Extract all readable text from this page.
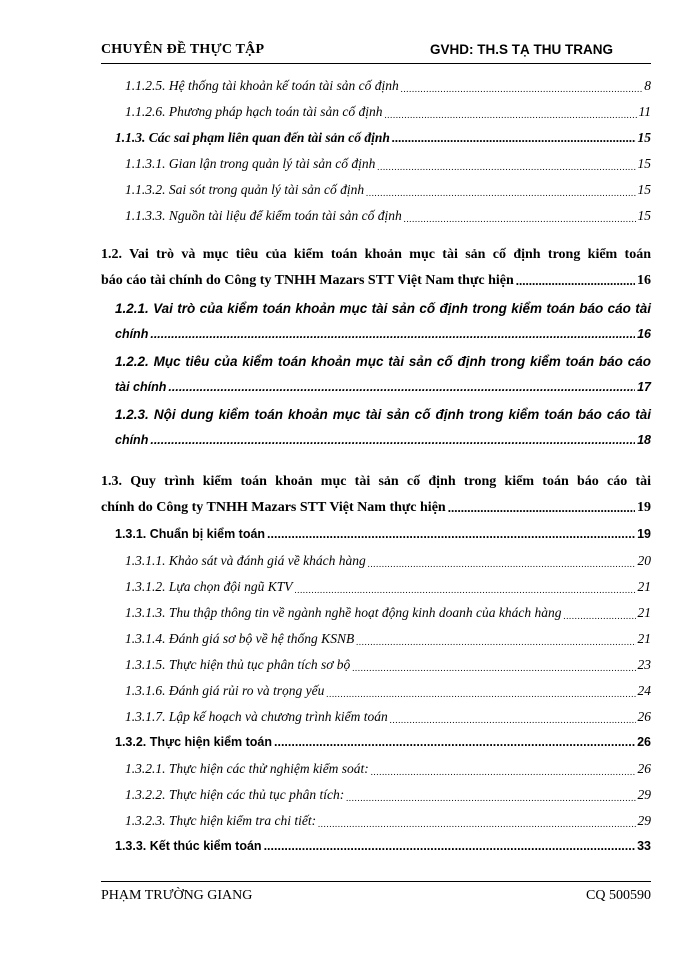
CHUYÊN ĐỀ THỰC TẬP	GVHD: TH.S TẠ THU TRANG
1.1.2.5. Hệ thống tài khoản kế toán tài sản cố định .....	8
1.1.2.6. Phương pháp hạch toán tài sản cố định .....	11
1.1.3. Các sai phạm liên quan đến tài sản cố định .....	15
1.1.3.1. Gian lận trong quản lý tài sản cố định .....	15
1.1.3.2. Sai sót trong quản lý tài sản cố định .....	15
1.1.3.3. Nguồn tài liệu để kiểm toán tài sản cố định .....	15
1.2. Vai trò và mục tiêu của kiểm toán khoản mục tài sản cố định trong kiểm toán
báo cáo tài chính do Công ty TNHH Mazars STT Việt Nam thực hiện .....	16
1.2.1. Vai trò của kiểm toán khoản mục tài sản cố định trong kiểm toán báo cáo tài
chính .....	16
1.2.2. Mục tiêu của kiểm toán khoản mục tài sản cố định trong kiểm toán báo cáo
tài chính .....	17
1.2.3. Nội dung kiểm toán khoản mục tài sản cố định trong kiểm toán báo cáo tài
chính .....	18
1.3. Quy trình kiểm toán khoản mục tài sản cố định trong kiểm toán báo cáo tài
chính do Công ty TNHH Mazars STT Việt Nam thực hiện .....	19
1.3.1. Chuẩn bị kiểm toán .....	19
1.3.1.1. Khảo sát và đánh giá về khách hàng .....	20
1.3.1.2. Lựa chọn đội ngũ KTV .....	21
1.3.1.3. Thu thập thông tin về ngành nghề hoạt động kinh doanh của khách hàng .....	21
1.3.1.4. Đánh giá sơ bộ về hệ thống KSNB .....	21
1.3.1.5. Thực hiện thủ tục phân tích sơ bộ .....	23
1.3.1.6. Đánh giá rủi ro và trọng yếu .....	24
1.3.1.7. Lập kế hoạch và chương trình kiểm toán .....	26
1.3.2. Thực hiện kiểm toán .....	26
1.3.2.1. Thực hiện các thử nghiệm kiểm soát: .....	26
1.3.2.2. Thực hiện các thủ tục phân tích: .....	29
1.3.2.3. Thực hiện kiểm tra chi tiết: .....	29
1.3.3. Kết thúc kiểm toán .....	33
PHẠM TRƯỜNG GIANG	CQ 500590
